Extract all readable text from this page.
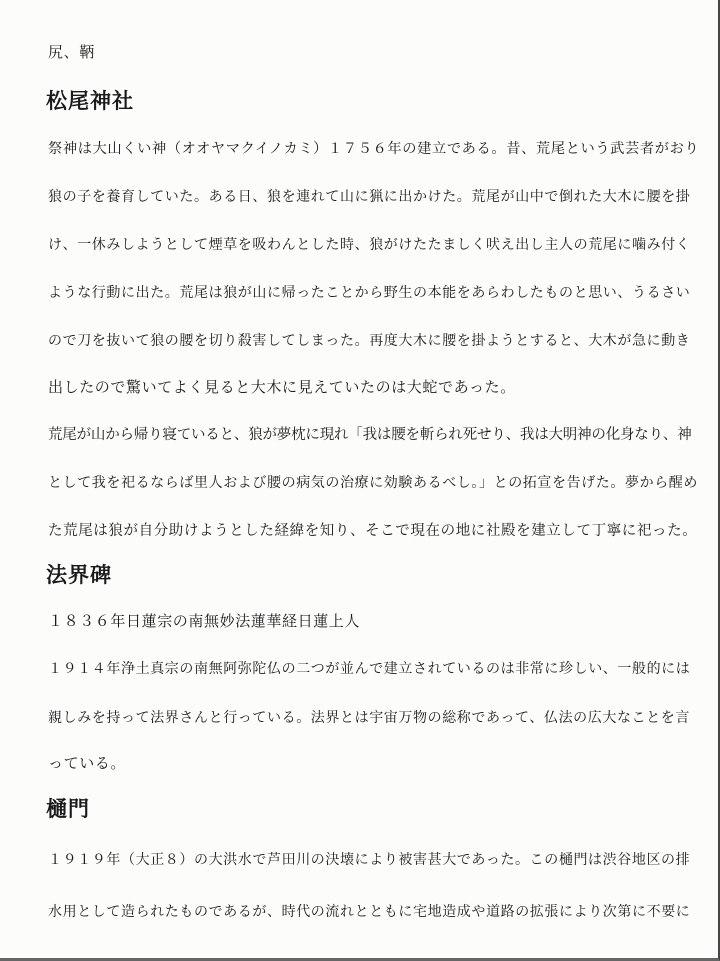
尻、鞆
松尾神社
祭神は大山くい神（オオヤマクイノカミ）１７５６年の建立である。昔、荒尾という武芸者がおり
狼の子を養育していた。ある日、狼を連れて山に猟に出かけた。荒尾が山中で倒れた大木に腰を掛
け、一休みしようとして煙草を吸わんとした時、狼がけたたましく吠え出し主人の荒尾に噛み付く
ような行動に出た。荒尾は狼が山に帰ったことから野生の本能をあらわしたものと思い、うるさい
ので刀を抜いて狼の腰を切り殺害してしまった。再度大木に腰を掛ようとすると、大木が急に動き
出したので驚いてよく見ると大木に見えていたのは大蛇であった。
荒尾が山から帰り寝ていると、狼が夢枕に現れ「我は腰を斬られ死せり、我は大明神の化身なり、神
として我を祀るならば里人および腰の病気の治療に効験あるべし。」との拓宣を告げた。夢から醒め
た荒尾は狼が自分助けようとした経緯を知り、そこで現在の地に社殿を建立して丁寧に祀った。
法界碑
１８３６年日蓮宗の南無妙法蓮華経日蓮上人
１９１４年浄土真宗の南無阿弥陀仏の二つが並んで建立されているのは非常に珍しい、一般的には
親しみを持って法界さんと行っている。法界とは宇宙万物の総称であって、仏法の広大なことを言
っている。
樋門
１９１９年（大正８）の大洪水で芦田川の決壊により被害甚大であった。この樋門は渋谷地区の排
水用として造られたものであるが、時代の流れとともに宅地造成や道路の拡張により次第に不要に
